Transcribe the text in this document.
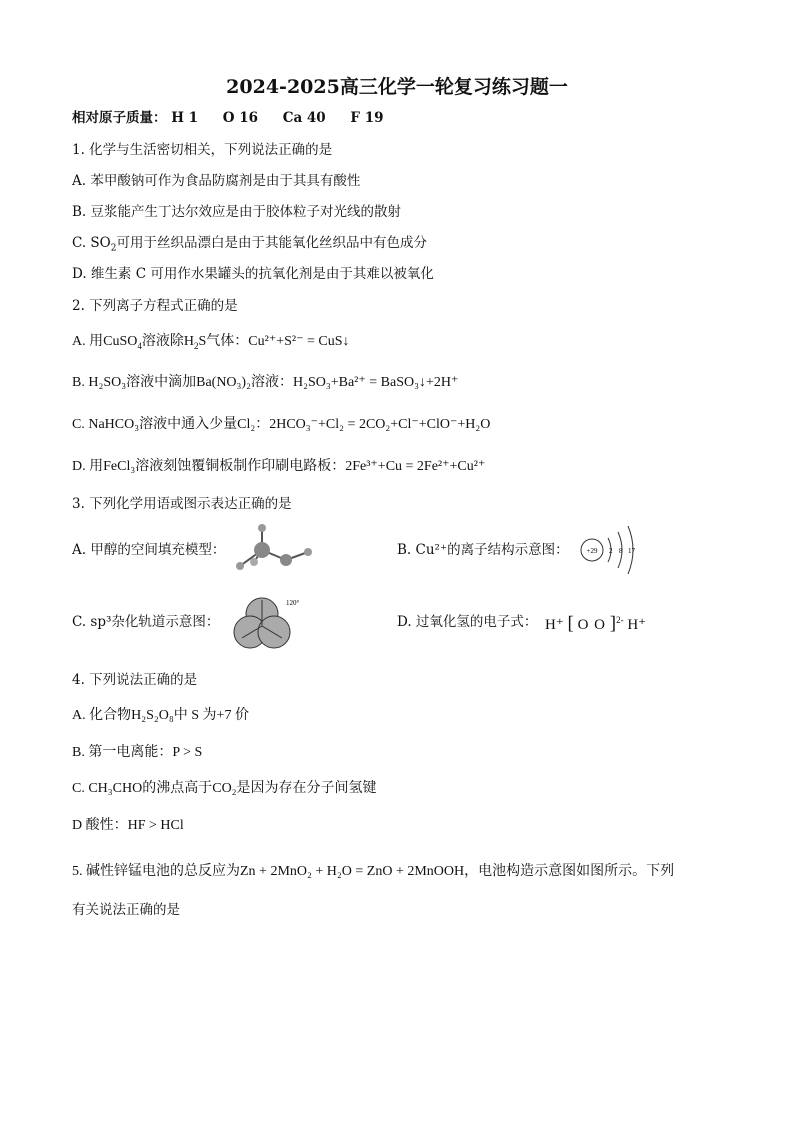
2024-2025高三化学一轮复习练习题一
相对原子质量： H 1 O 16 Ca 40 F 19
1. 化学与生活密切相关，下列说法正确的是
A. 苯甲酸钠可作为食品防腐剂是由于其具有酸性
B. 豆浆能产生丁达尔效应是由于胶体粒子对光线的散射
C. $SO_2$可用于丝织品漂白是由于其能氧化丝织品中有色成分
D. 维生素 C 可用作水果罐头的抗氧化剂是由于其难以被氧化
2. 下列离子方程式正确的是
A. 用CuSO$_4$溶液除$H_2S$气体：Cu²⁺+S²⁻ = CuS↓
B. H₂SO₃溶液中滴加Ba(NO₃)₂溶液：H₂SO₃+Ba²⁺ = BaSO₃↓+2H⁺
C. NaHCO₃溶液中通入少量Cl₂：2HCO₃⁻+Cl₂ = 2CO₂+Cl⁻+ClO⁻+H₂O
D. 用FeCl₃溶液刻蚀覆铜板制作印刷电路板：2Fe³⁺+Cu = 2Fe²⁺+Cu²⁺
3. 下列化学用语或图示表达正确的是
A. 甲醇的空间填充模型：	B. Cu²⁺的离子结构示意图：	+29 2 8 17
C. sp³杂化轨道示意图：
120°
D. 过氧化氢的电子式： H⁺ [ O O ]$^{2-}$ H⁺
4. 下列说法正确的是
A. 化合物H₂S₂O₈中 S 为+7 价
B. 第一电离能：P > S
C. CH₃CHO的沸点高于CO₂是因为存在分子间氢键
D 酸性：HF > HCl
5. 碱性锌锰电池的总反应为Zn + 2MnO₂ + H₂O = ZnO + 2MnOOH，电池构造示意图如图所示。下列
有关说法正确的是
